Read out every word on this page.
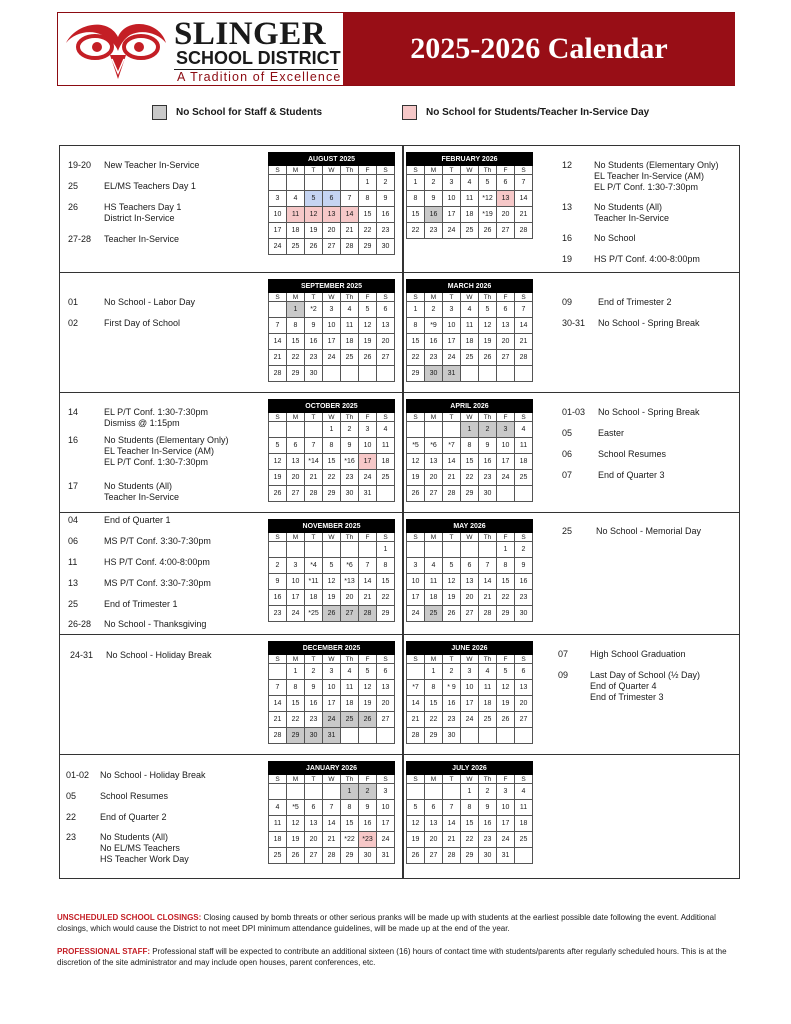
SLINGER
SCHOOL DISTRICT
A Tradition of Excellence
2025-2026 Calendar
No School for Staff & Students	No School for Students/Teacher In-Service Day
AUGUST 2025						
S	M	T	W	Th	F	S
					1	2
3	4	5	6	7	8	9
10	11	12	13	14	15	16
17	18	19	20	21	22	23
24	25	26	27	28	29	30
19-20 New Teacher In-Service
25	EL/MS Teachers Day 1
26	HS Teachers Day 1
District In-Service
27-28 Teacher In-Service
FEBRUARY 2026						
S	M	T	W	Th	F	S
1	2	3	4	5	6	7
8	9	10	11	*12	13	14
15	16	17	18	*19	20	21
22	23	24	25	26	27	28
12 No Students (Elementary Only)
EL Teacher In-Service (AM)
EL P/T Conf. 1:30-7:30pm
13 No Students (All)
Teacher In-Service
16 No School
19 HS P/T Conf. 4:00-8:00pm
SEPTEMBER 2025						
S	M	T	W	Th	F	S
	1	*2	3	4	5	6
7	8	9	10	11	12	13
14	15	16	17	18	19	20
21	22	23	24	25	26	27
28	29	30				
01	No School - Labor Day
02	First Day of School
MARCH 2026						
S	M	T	W	Th	F	S
1	2	3	4	5	6	7
8	*9	10	11	12	13	14
15	16	17	18	19	20	21
22	23	24	25	26	27	28
29	30	31				
09	End of Trimester 2
30-31 No School - Spring Break
OCTOBER 2025						
S	M	T	W	Th	F	S
			1	2	3	4
5	6	7	8	9	10	11
12	13	*14	15	*16	17	18
19	20	21	22	23	24	25
26	27	28	29	30	31	
14	EL P/T Conf. 1:30-7:30pm
Dismiss @ 1:15pm
16	No Students (Elementary Only)
EL Teacher In-Service (AM)
EL P/T Conf. 1:30-7:30pm
17	No Students (All)
Teacher In-Service
APRIL 2026						
S	M	T	W	Th	F	S
			1	2	3	4
*5	*6	*7	8	9	10	11
12	13	14	15	16	17	18
19	20	21	22	23	24	25
26	27	28	29	30		
01-03 No School - Spring Break
05	Easter
06	School Resumes
07	End of Quarter 3
NOVEMBER 2025						
S	M	T	W	Th	F	S
						1
2	3	*4	5	*6	7	8
9	10	*11	12	*13	14	15
16	17	18	19	20	21	22
23	24	*25	26	27	28	29
04	End of Quarter 1
06	MS P/T Conf. 3:30-7:30pm
11	HS P/T Conf. 4:00-8:00pm
13	MS P/T Conf. 3:30-7:30pm
25	End of Trimester 1
26-28 No School - Thanksgiving
MAY 2026						
S	M	T	W	Th	F	S
					1	2
3	4	5	6	7	8	9
10	11	12	13	14	15	16
17	18	19	20	21	22	23
24	25	26	27	28	29	30
25	No School - Memorial Day
DECEMBER 2025						
S	M	T	W	Th	F	S
	1	2	3	4	5	6
7	8	9	10	11	12	13
14	15	16	17	18	19	20
21	22	23	24	25	26	27
28	29	30	31			
24-31 No School - Holiday Break
JUNE 2026						
S	M	T	W	Th	F	S
	1	2	3	4	5	6
*7	8	* 9	10	11	12	13
14	15	16	17	18	19	20
21	22	23	24	25	26	27
28	29	30				
07 High School Graduation
09 Last Day of School (½ Day)
End of Quarter 4
End of Trimester 3
JANUARY 2026						
S	M	T	W	Th	F	S
				1	2	3
4	*5	6	7	8	9	10
11	12	13	14	15	16	17
18	19	20	21	*22	*23	24
25	26	27	28	29	30	31
01-02 No School - Holiday Break
05	School Resumes
22	End of Quarter 2
23	No Students (All)
No EL/MS Teachers
HS Teacher Work Day
JULY 2026						
S	M	T	W	Th	F	S
			1	2	3	4
5	6	7	8	9	10	11
12	13	14	15	16	17	18
19	20	21	22	23	24	25
26	27	28	29	30	31	
UNSCHEDULED SCHOOL CLOSINGS: Closing caused by bomb threats or other serious pranks will be made up with students at the earliest possible date following the event. Additional closings, which would cause the District to not meet DPI minimum attendance guidelines, will be made up at the end of the year.
PROFESSIONAL STAFF: Professional staff will be expected to contribute an additional sixteen (16) hours of contact time with students/parents after regularly scheduled hours. This is at the discretion of the site administrator and may include open houses, parent conferences, etc.
